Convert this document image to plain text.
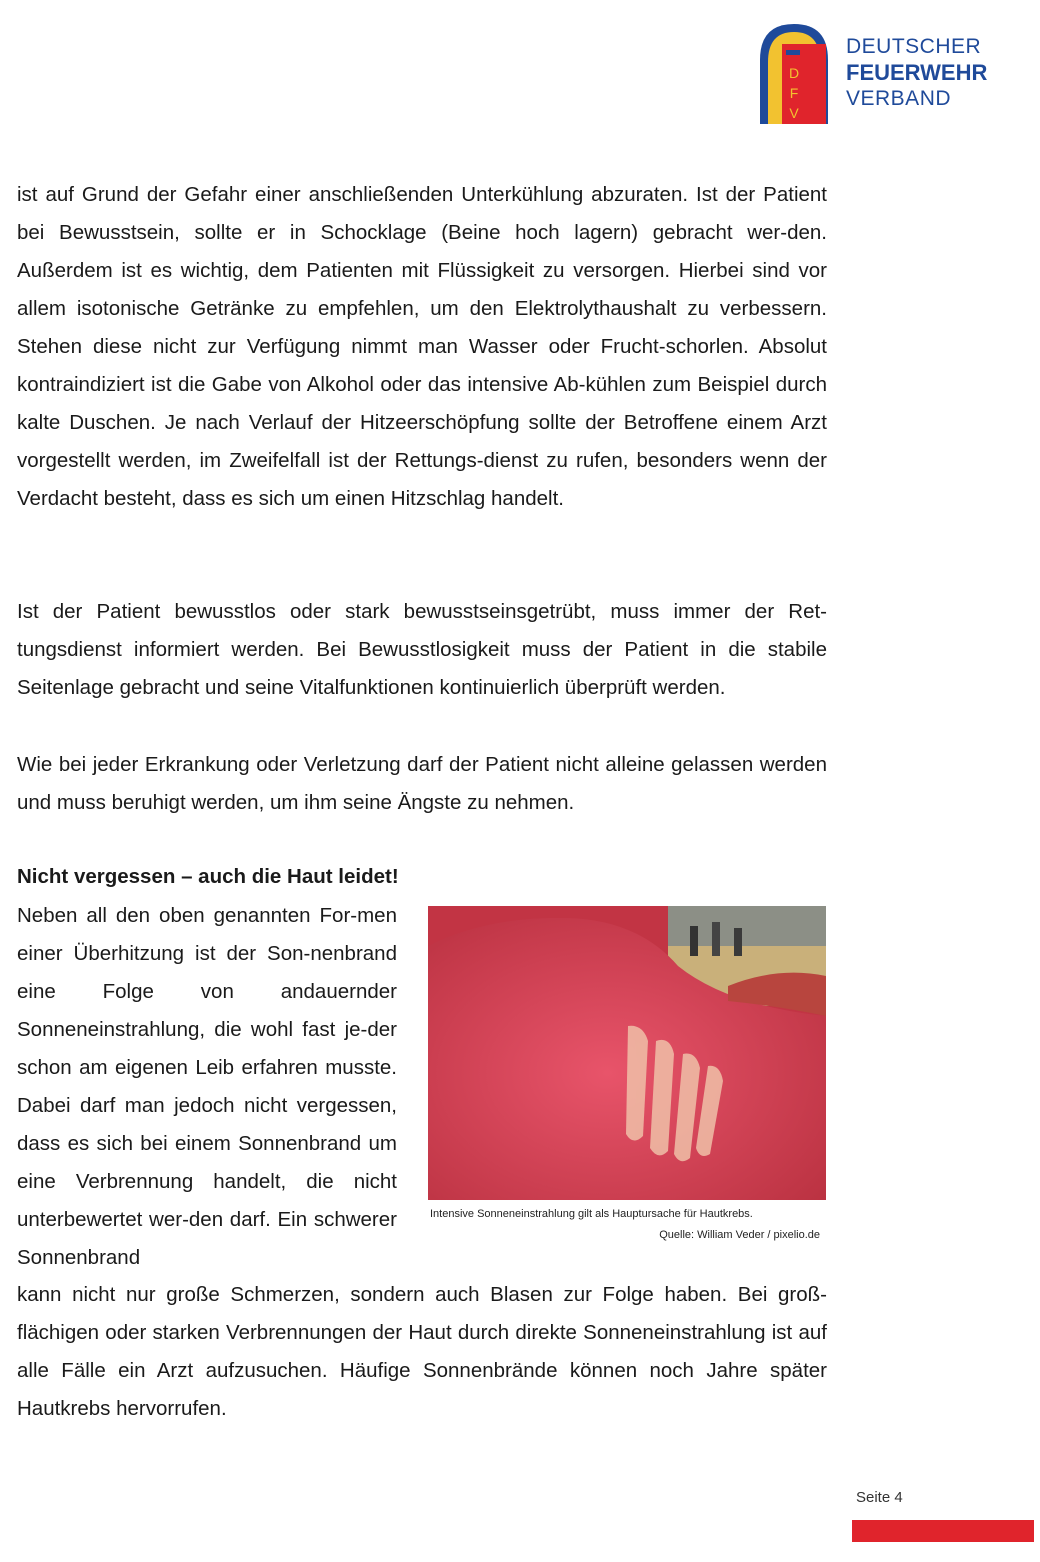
D
F
V
DEUTSCHER
FEUERWEHR
VERBAND
ist auf Grund der Gefahr einer anschließenden Unterkühlung abzuraten. Ist der Patient bei Bewusstsein, sollte er in Schocklage (Beine hoch lagern) gebracht wer-den. Außerdem ist es wichtig, dem Patienten mit Flüssigkeit zu versorgen. Hierbei sind vor allem isotonische Getränke zu empfehlen, um den Elektrolythaushalt zu verbessern. Stehen diese nicht zur Verfügung nimmt man Wasser oder Frucht-schorlen. Absolut kontraindiziert ist die Gabe von Alkohol oder das intensive Ab-kühlen zum Beispiel durch kalte Duschen. Je nach Verlauf der Hitzeerschöpfung sollte der Betroffene einem Arzt vorgestellt werden, im Zweifelfall ist der Rettungs-dienst zu rufen, besonders wenn der Verdacht besteht, dass es sich um einen Hitzschlag handelt.
Ist der Patient bewusstlos oder stark bewusstseinsgetrübt, muss immer der Ret-tungsdienst informiert werden. Bei Bewusstlosigkeit muss der Patient in die stabile Seitenlage gebracht und seine Vitalfunktionen kontinuierlich überprüft werden.
Wie bei jeder Erkrankung oder Verletzung darf der Patient nicht alleine gelassen werden und muss beruhigt werden, um ihm seine Ängste zu nehmen.
Nicht vergessen – auch die Haut leidet!
Neben all den oben genannten For-men einer Überhitzung ist der Son-nenbrand eine Folge von andauernder Sonneneinstrahlung, die wohl fast je-der schon am eigenen Leib erfahren musste. Dabei darf man jedoch nicht vergessen, dass es sich bei einem Sonnenbrand um eine Verbrennung handelt, die nicht unterbewertet wer-den darf. Ein schwerer Sonnenbrand
Intensive Sonneneinstrahlung gilt als Hauptursache für Hautkrebs.
Quelle: William Veder / pixelio.de
kann nicht nur große Schmerzen, sondern auch Blasen zur Folge haben. Bei groß-flächigen oder starken Verbrennungen der Haut durch direkte Sonneneinstrahlung ist auf alle Fälle ein Arzt aufzusuchen. Häufige Sonnenbrände können noch Jahre später Hautkrebs hervorrufen.
Seite 4
